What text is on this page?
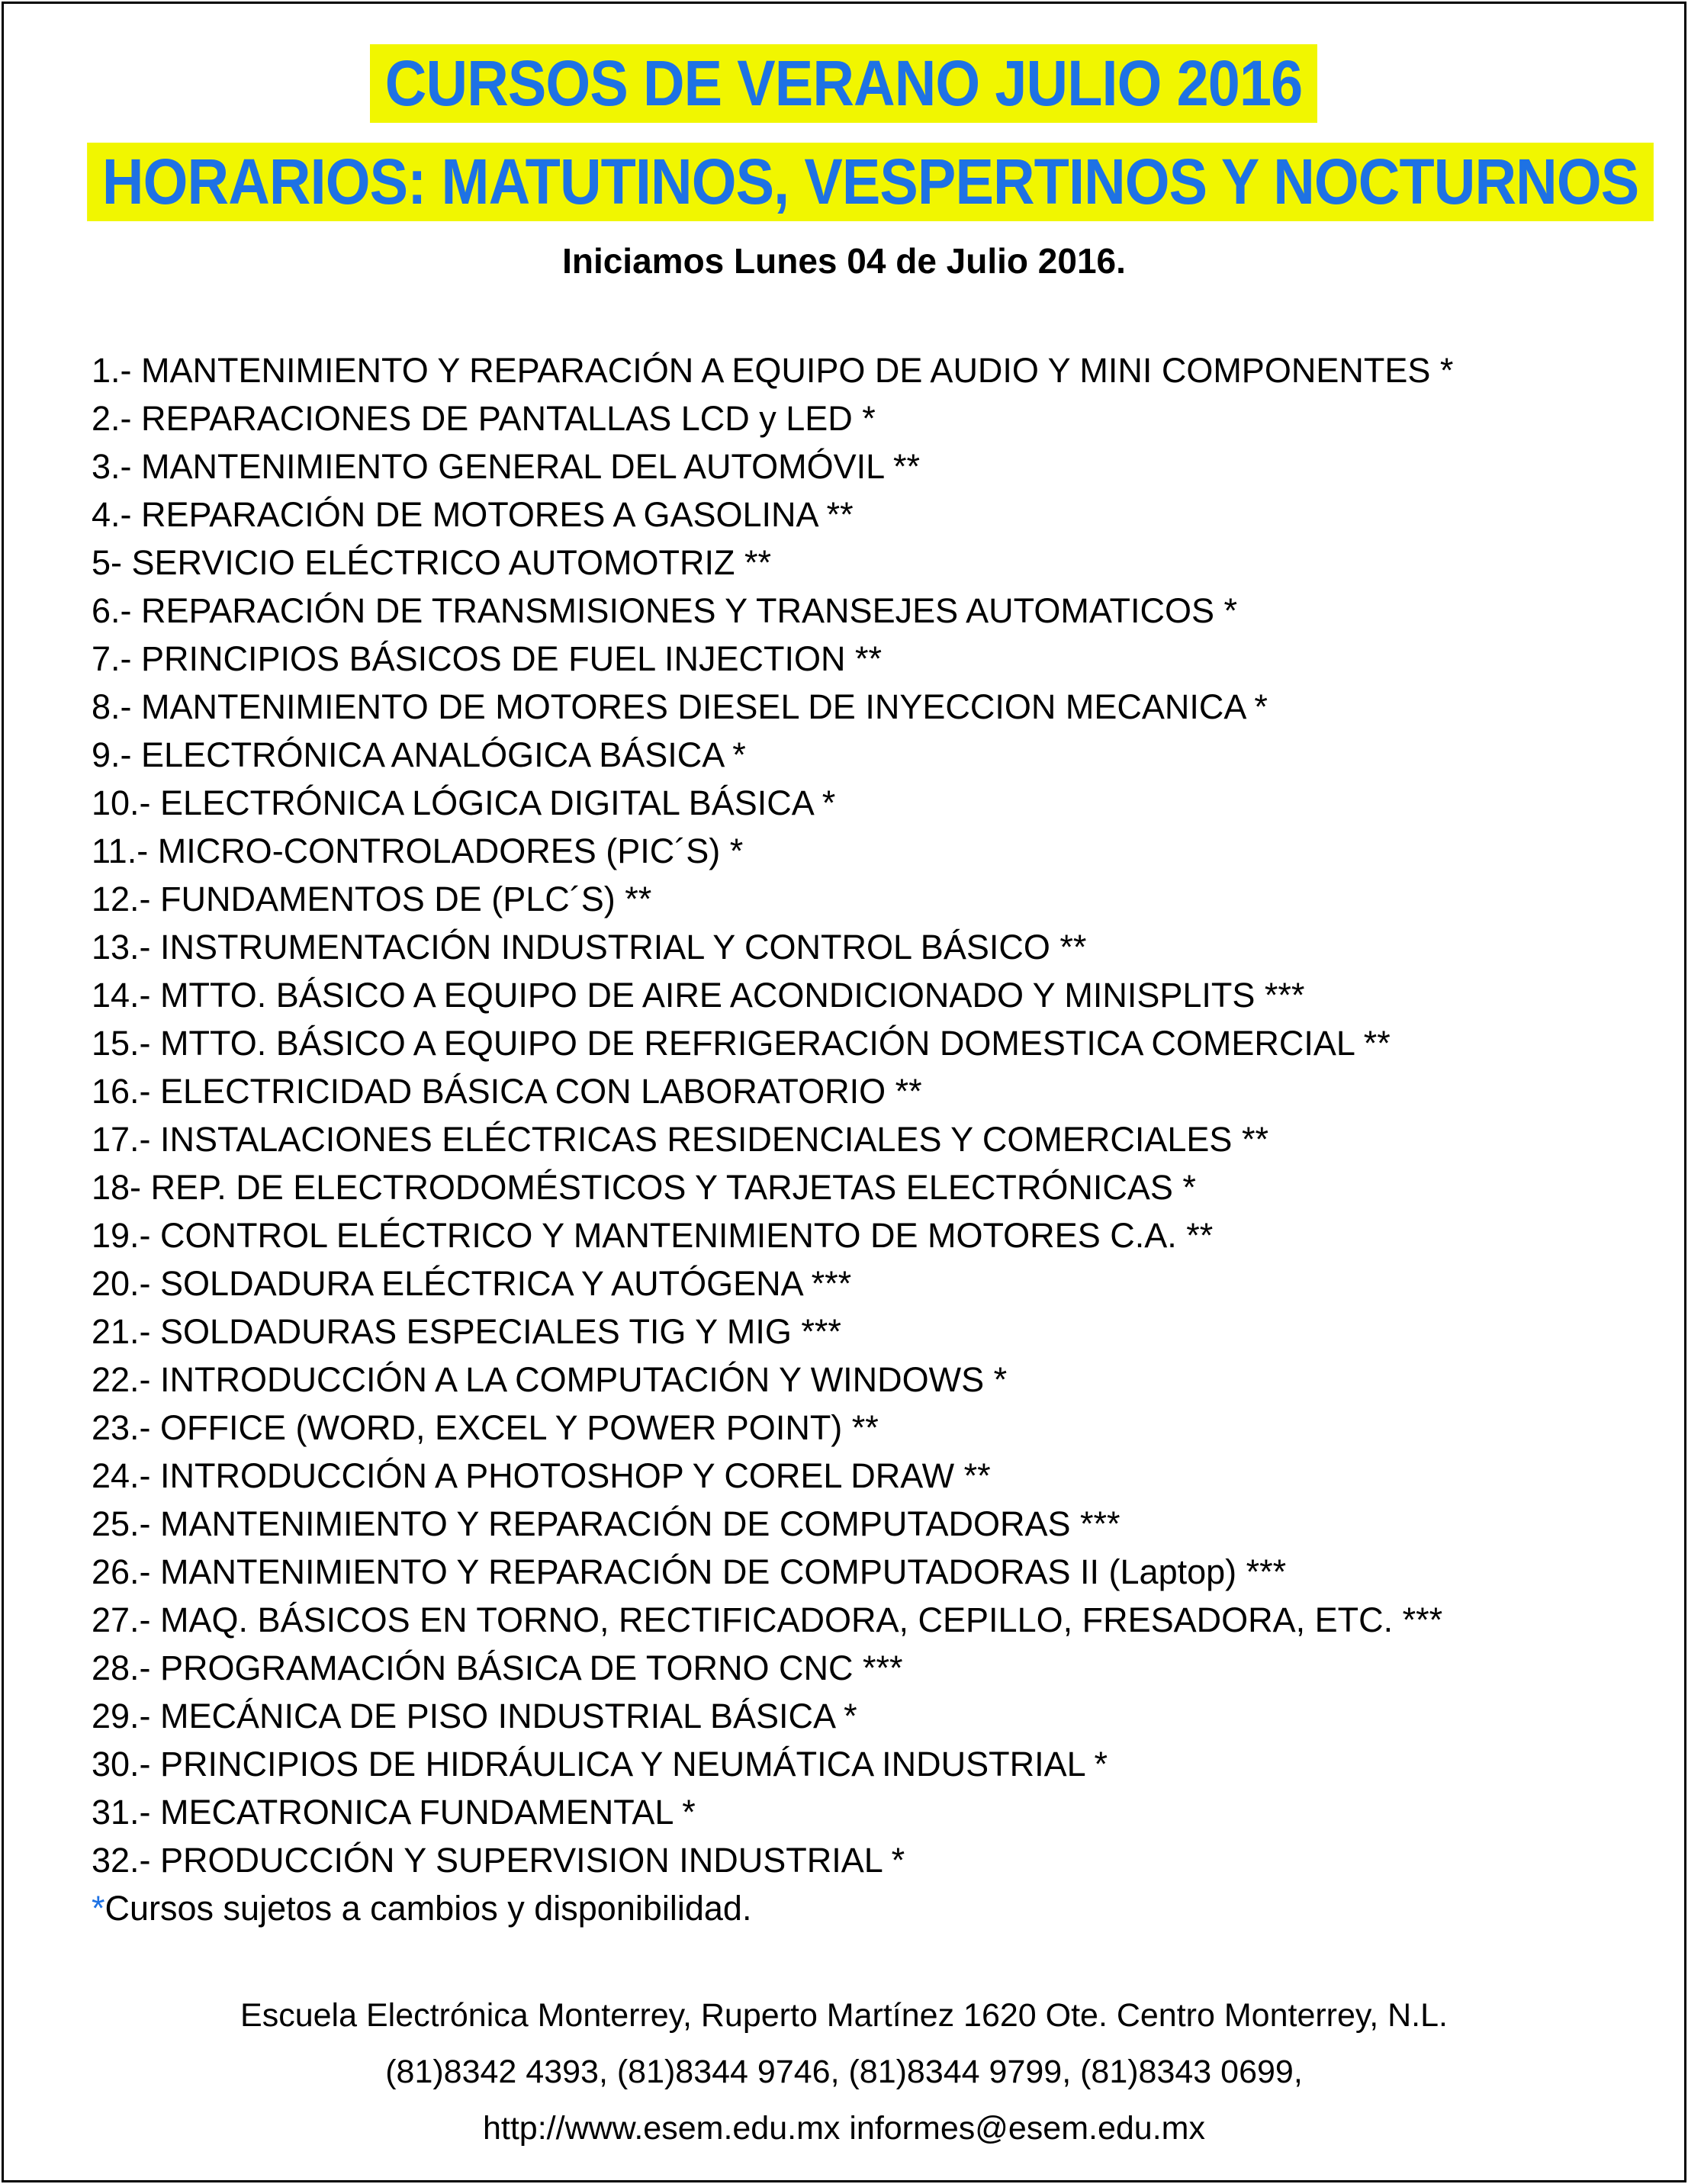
CURSOS DE VERANO JULIO 2016
HORARIOS: MATUTINOS, VESPERTINOS Y NOCTURNOS
Iniciamos Lunes 04 de Julio 2016.
1.- MANTENIMIENTO Y REPARACIÓN A EQUIPO DE AUDIO Y MINI COMPONENTES *
2.- REPARACIONES DE PANTALLAS LCD y LED *
3.- MANTENIMIENTO GENERAL DEL AUTOMÓVIL **
4.- REPARACIÓN DE MOTORES A GASOLINA **
5- SERVICIO ELÉCTRICO AUTOMOTRIZ **
6.- REPARACIÓN DE TRANSMISIONES Y TRANSEJES AUTOMATICOS *
7.- PRINCIPIOS BÁSICOS DE FUEL INJECTION **
8.- MANTENIMIENTO DE MOTORES DIESEL DE INYECCION MECANICA *
9.- ELECTRÓNICA ANALÓGICA BÁSICA *
10.- ELECTRÓNICA LÓGICA DIGITAL BÁSICA *
11.- MICRO-CONTROLADORES (PIC´S) *
12.- FUNDAMENTOS DE (PLC´S) **
13.- INSTRUMENTACIÓN INDUSTRIAL Y CONTROL BÁSICO **
14.- MTTO. BÁSICO A EQUIPO DE AIRE ACONDICIONADO Y MINISPLITS ***
15.- MTTO. BÁSICO A EQUIPO DE REFRIGERACIÓN DOMESTICA COMERCIAL **
16.- ELECTRICIDAD BÁSICA CON LABORATORIO **
17.- INSTALACIONES ELÉCTRICAS RESIDENCIALES Y COMERCIALES **
18- REP. DE ELECTRODOMÉSTICOS Y TARJETAS ELECTRÓNICAS *
19.- CONTROL ELÉCTRICO Y MANTENIMIENTO DE MOTORES C.A. **
20.- SOLDADURA ELÉCTRICA Y AUTÓGENA ***
21.- SOLDADURAS ESPECIALES TIG Y MIG ***
22.- INTRODUCCIÓN A LA COMPUTACIÓN Y WINDOWS *
23.- OFFICE (WORD, EXCEL Y POWER POINT) **
24.- INTRODUCCIÓN A PHOTOSHOP Y COREL DRAW **
25.- MANTENIMIENTO Y REPARACIÓN DE COMPUTADORAS ***
26.- MANTENIMIENTO Y REPARACIÓN DE COMPUTADORAS II (Laptop) ***
27.- MAQ. BÁSICOS EN TORNO, RECTIFICADORA, CEPILLO, FRESADORA, ETC. ***
28.- PROGRAMACIÓN BÁSICA DE TORNO CNC ***
29.- MECÁNICA DE PISO INDUSTRIAL BÁSICA *
30.- PRINCIPIOS DE HIDRÁULICA Y NEUMÁTICA INDUSTRIAL *
31.- MECATRONICA FUNDAMENTAL *
32.- PRODUCCIÓN Y SUPERVISION INDUSTRIAL *
*Cursos sujetos a cambios y disponibilidad.
Escuela Electrónica Monterrey, Ruperto Martínez 1620 Ote. Centro Monterrey, N.L.
(81)8342 4393, (81)8344 9746, (81)8344 9799, (81)8343 0699,
http://www.esem.edu.mx informes@esem.edu.mx
